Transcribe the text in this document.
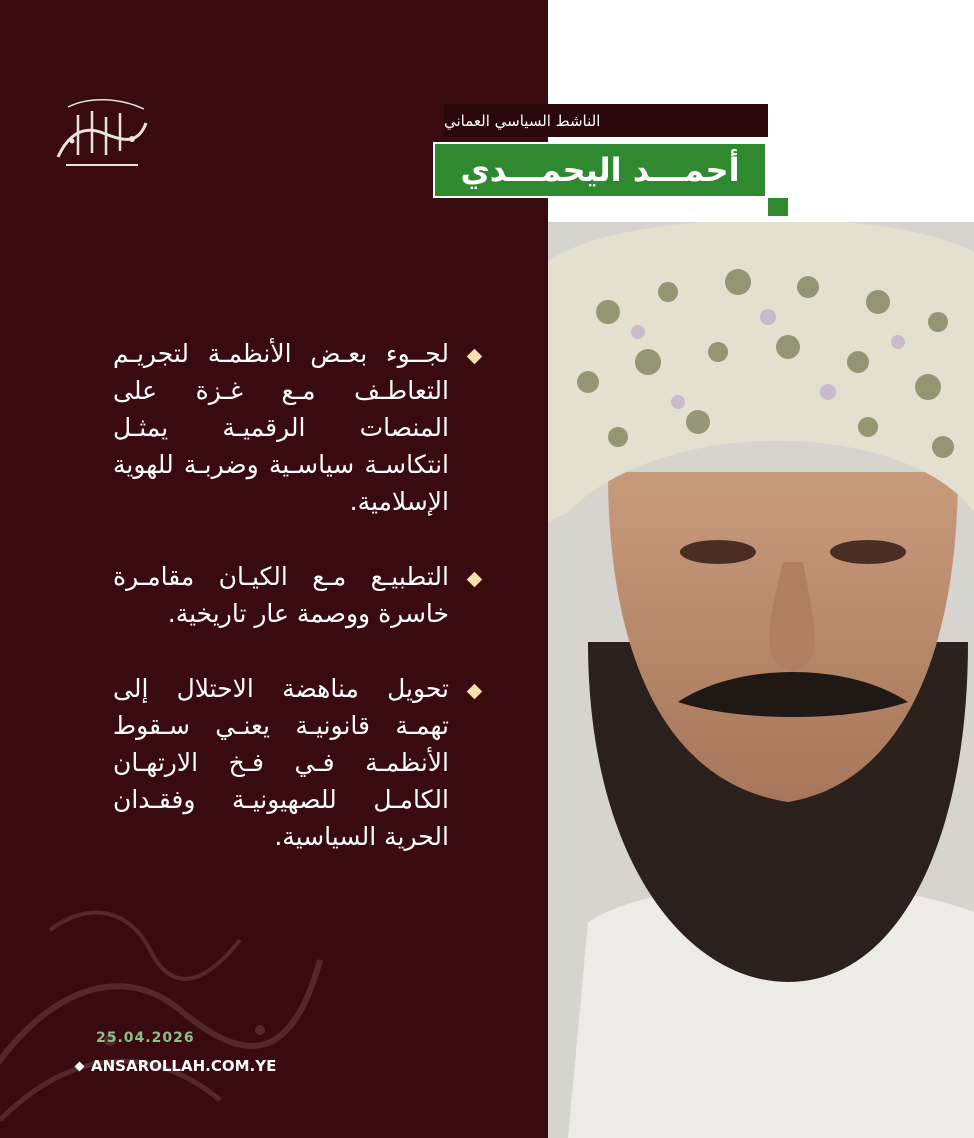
لجــوء بعـض الأنظمـة لتجريـم التعاطـف مـع غـزة على المنصات الرقميـة يمثـل انتكاسـة سياسـية وضربـة للهوية الإسلامية.
التطبيـع مـع الكيـان مقامـرة خاسرة ووصمة عار تاريخية.
تحويل مناهضة الاحتلال إلى تهمـة قانونيـة يعنـي سـقوط الأنظمـة فـي فـخ الارتهـان الكامـل للصهيونيـة وفقـدان الحرية السياسية.
25.04.2026
ANSAROLLAH.COM.YE
الناشط السياسي العماني
أحمـــد اليحمـــدي
